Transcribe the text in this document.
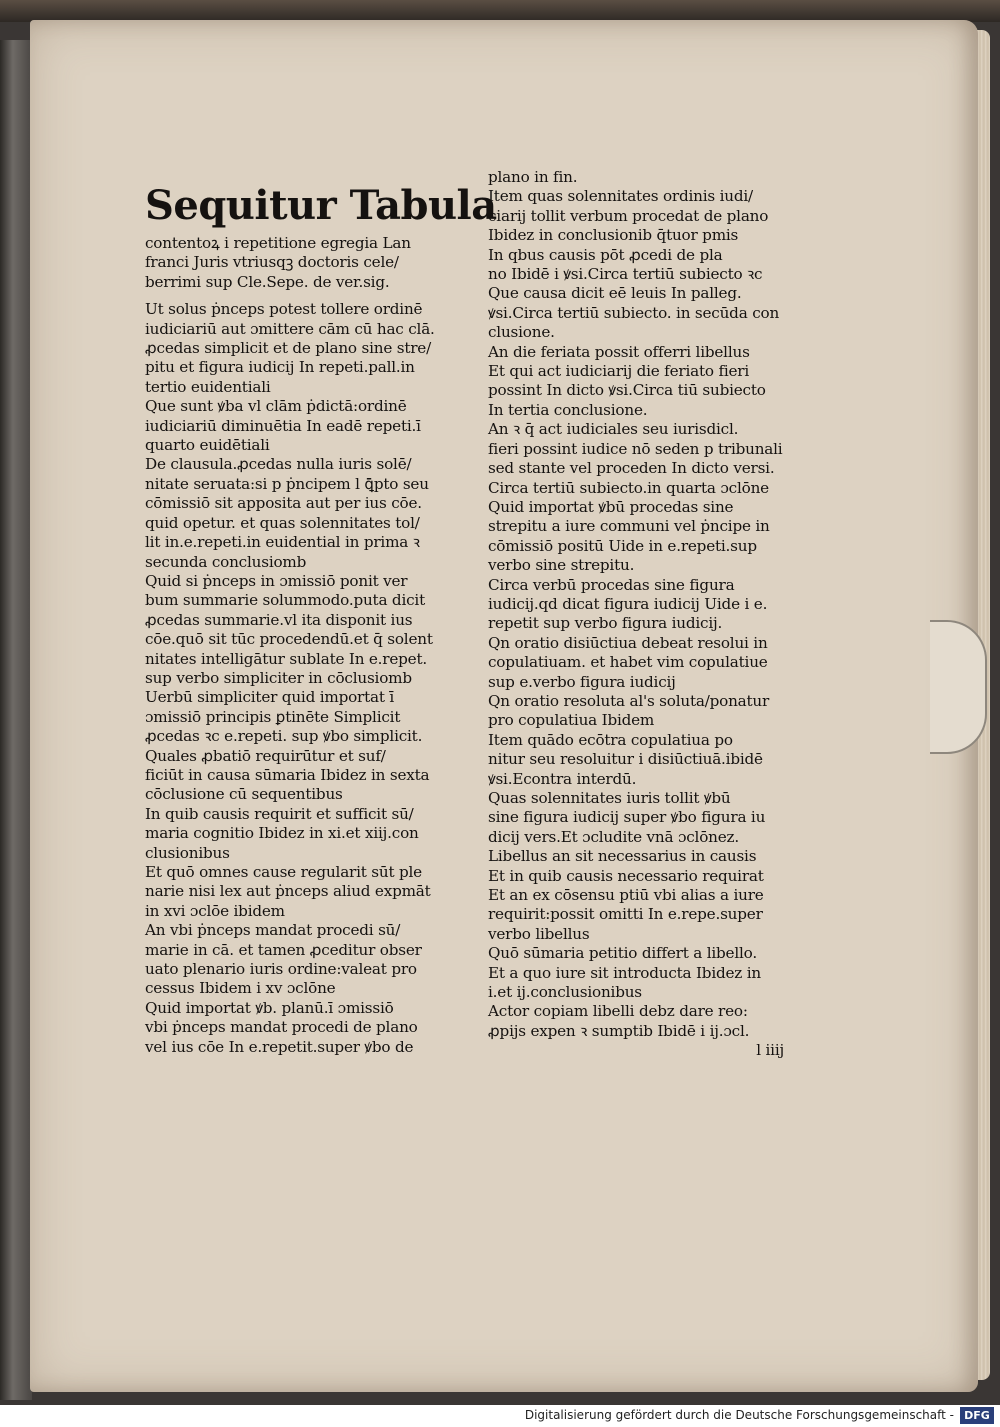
Sequitur Tabula
contentoꝝ i repetitione egregia Lan
franci Juris vtriusqꝫ doctoris cele/
berrimi sup Cle.Sepe. de ver.sig.
Ut solus ṗnceps potest tollere ordinē
iudiciariū aut ɔmittere cām cū hac clā.
ꝓcedas simplicit et de plano sine stre/
pitu et figura iudicij In repeti.pall.in
tertio euidentiali
Que sunt ꝟba vl clām ṗdictā:ordinē
iudiciariū diminuētia In eadē repeti.ī
quarto euidētiali
De clausula.ꝓcedas nulla iuris solē/
nitate seruata:si p ṗncipem l ꝗ̄pto seu
cōmissiō sit apposita aut per ius cōe.
quid opetur. et quas solennitates tol/
lit in.e.repeti.in euidential in prima ꝛ
secunda conclusiomb
Quid si ṗnceps in ɔmissiō ponit ver
bum summarie solummodo.puta dicit
ꝓcedas summarie.vl ita disponit ius
cōe.quō sit tūc procedendū.et q̄ solent
nitates intelligātur sublate In e.repet.
sup verbo simpliciter in cōclusiomb
Uerbū simpliciter quid importat ī
ɔmissiō principis ꝑtinēte Simplicit
ꝓcedas ꝛc e.repeti. sup ꝟbo simplicit.
Quales ꝓbatiō requirūtur et suf/
ficiūt in causa sūmaria Ibidez in sexta
cōclusione cū sequentibus
In quib causis requirit et sufficit sū/
maria cognitio Ibidez in xi.et xiij.con
clusionibus
Et quō omnes cause regularit sūt ple
narie nisi lex aut ṗnceps aliud expmāt
in xvi ɔclōe ibidem
An vbi ṗnceps mandat procedi sū/
marie in cā. et tamen ꝓceditur obser
uato plenario iuris ordine:valeat pro
cessus Ibidem i xv ɔclōne
Quid importat ꝟb. planū.ī ɔmissiō
vbi ṗnceps mandat procedi de plano
vel ius cōe In e.repetit.super ꝟbo de
plano in fin.
Item quas solennitates ordinis iudi/
ciarij tollit verbum procedat de plano
Ibidez in conclusionib q̄tuor pmis
In qbus causis pōt ꝓcedi de pla
no Ibidē i ꝟsi.Circa tertiū subiecto ꝛc
Que causa dicit eē leuis In palleg.
ꝟsi.Circa tertiū subiecto. in secūda con
clusione.
An die feriata possit offerri libellus
Et qui act iudiciarij die feriato fieri
possint In dicto ꝟsi.Circa tiū subiecto
In tertia conclusione.
An ꝛ q̄ act iudiciales seu iurisdicl.
fieri possint iudice nō seden p tribunali
sed stante vel proceden In dicto versi.
Circa tertiū subiecto.in quarta ɔclōne
Quid importat ꝟbū procedas sine
strepitu a iure communi vel ṗncipe in
cōmissiō positū Uide in e.repeti.sup
verbo sine strepitu.
Circa verbū procedas sine figura
iudicij.qd dicat figura iudicij Uide i e.
repetit sup verbo figura iudicij.
Qn oratio disiūctiua debeat resolui in
copulatiuam. et habet vim copulatiue
sup e.verbo figura iudicij
Qn oratio resoluta al's soluta/ponatur
pro copulatiua Ibidem
Item quādo ecōtra copulatiua po
nitur seu resoluitur i disiūctiuā.ibidē
ꝟsi.Econtra interdū.
Quas solennitates iuris tollit ꝟbū
sine figura iudicij super ꝟbo figura iu
dicij vers.Et ɔcludite vnā ɔclōnez.
Libellus an sit necessarius in causis
Et in quib causis necessario requirat
Et an ex cōsensu ptiū vbi alias a iure
requirit:possit omitti In e.repe.super
verbo libellus
Quō sūmaria petitio differt a libello.
Et a quo iure sit introducta Ibidez in
i.et ij.conclusionibus
Actor copiam libelli debz dare reo:
ꝓpijs expen ꝛ sumptib Ibidē i ij.ɔcl.
l iiij
Digitalisierung gefördert durch die Deutsche Forschungsgemeinschaft - DFG
